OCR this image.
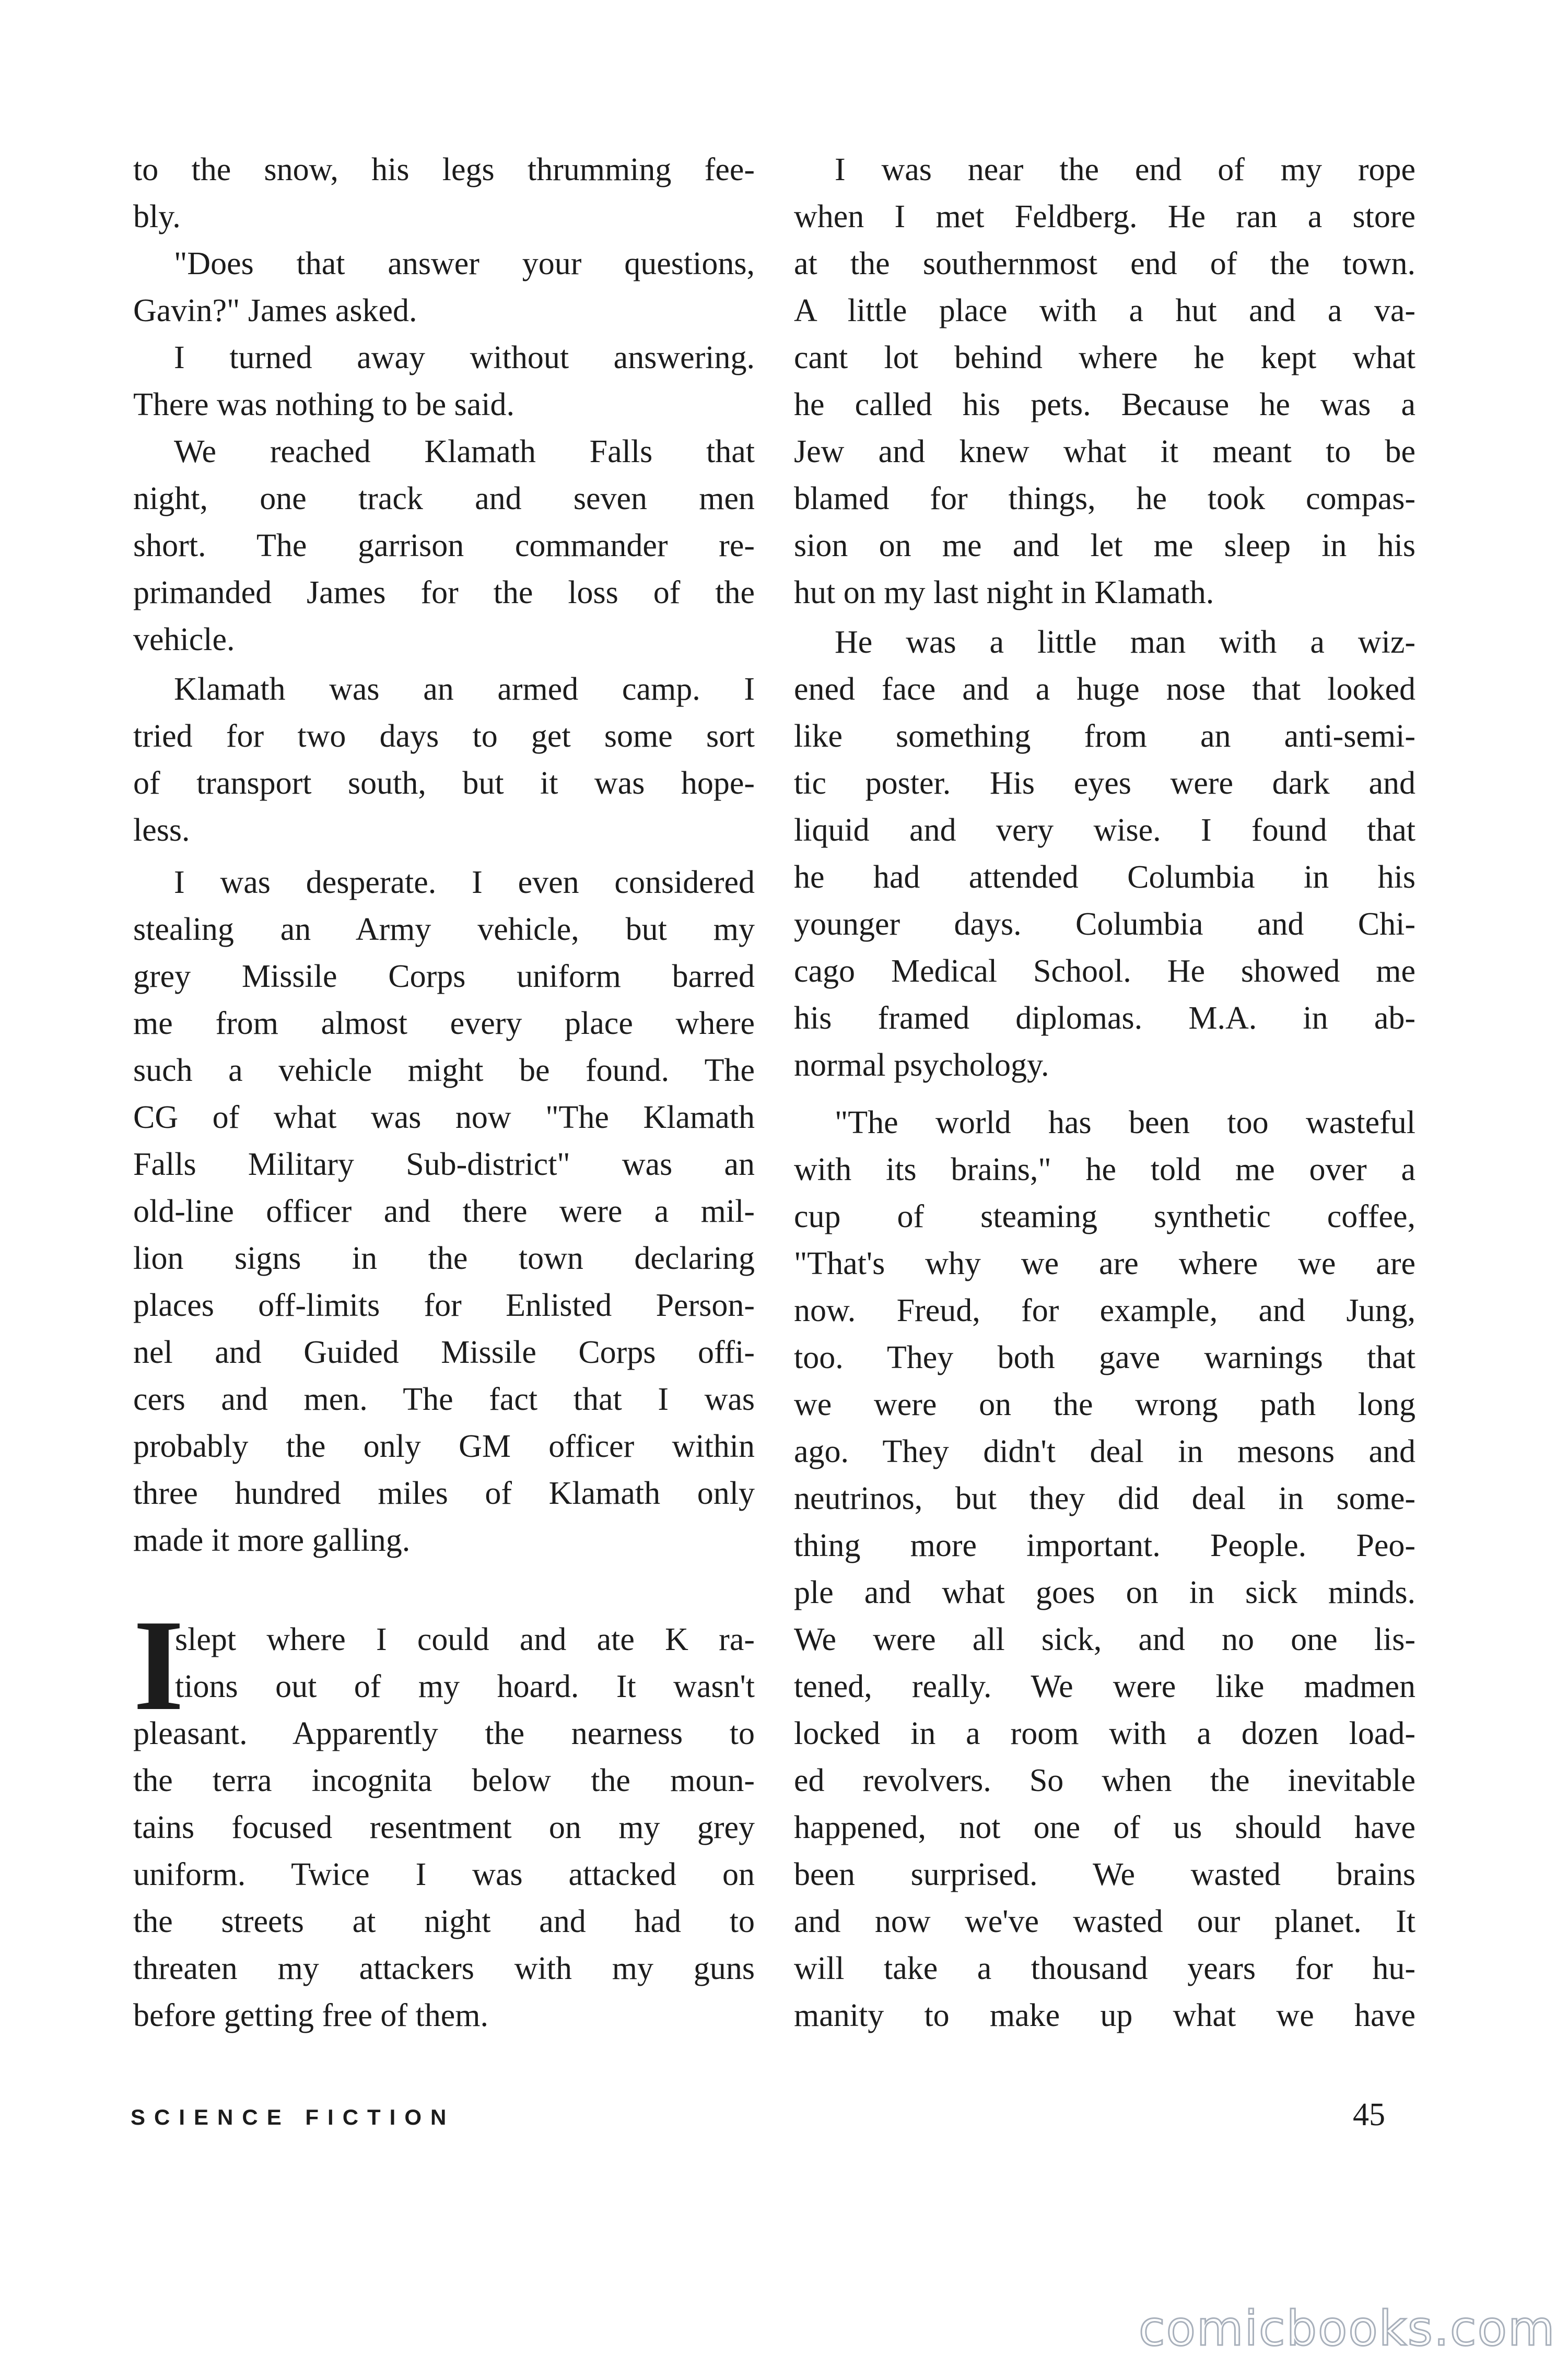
to the snow, his legs thrumming fee-
bly.
"Does that answer your questions,
Gavin?" James asked.
I turned away without answering.
There was nothing to be said.
We reached Klamath Falls that
night, one track and seven men
short. The garrison commander re-
primanded James for the loss of the
vehicle.
Klamath was an armed camp. I
tried for two days to get some sort
of transport south, but it was hope-
less.
I was desperate. I even considered
stealing an Army vehicle, but my
grey Missile Corps uniform barred
me from almost every place where
such a vehicle might be found. The
CG of what was now "The Klamath
Falls Military Sub-district" was an
old-line officer and there were a mil-
lion signs in the town declaring
places off-limits for Enlisted Person-
nel and Guided Missile Corps offi-
cers and men. The fact that I was
probably the only GM officer within
three hundred miles of Klamath only
made it more galling.
I
slept where I could and ate K ra-
tions out of my hoard. It wasn't
pleasant. Apparently the nearness to
the terra incognita below the moun-
tains focused resentment on my grey
uniform. Twice I was attacked on
the streets at night and had to
threaten my attackers with my guns
before getting free of them.
I was near the end of my rope
when I met Feldberg. He ran a store
at the southernmost end of the town.
A little place with a hut and a va-
cant lot behind where he kept what
he called his pets. Because he was a
Jew and knew what it meant to be
blamed for things, he took compas-
sion on me and let me sleep in his
hut on my last night in Klamath.
He was a little man with a wiz-
ened face and a huge nose that looked
like something from an anti-semi-
tic poster. His eyes were dark and
liquid and very wise. I found that
he had attended Columbia in his
younger days. Columbia and Chi-
cago Medical School. He showed me
his framed diplomas. M.A. in ab-
normal psychology.
"The world has been too wasteful
with its brains," he told me over a
cup of steaming synthetic coffee,
"That's why we are where we are
now. Freud, for example, and Jung,
too. They both gave warnings that
we were on the wrong path long
ago. They didn't deal in mesons and
neutrinos, but they did deal in some-
thing more important. People. Peo-
ple and what goes on in sick minds.
We were all sick, and no one lis-
tened, really. We were like madmen
locked in a room with a dozen load-
ed revolvers. So when the inevitable
happened, not one of us should have
been surprised. We wasted brains
and now we've wasted our planet. It
will take a thousand years for hu-
manity to make up what we have
SCIENCE FICTION	45
comicbooks.com
